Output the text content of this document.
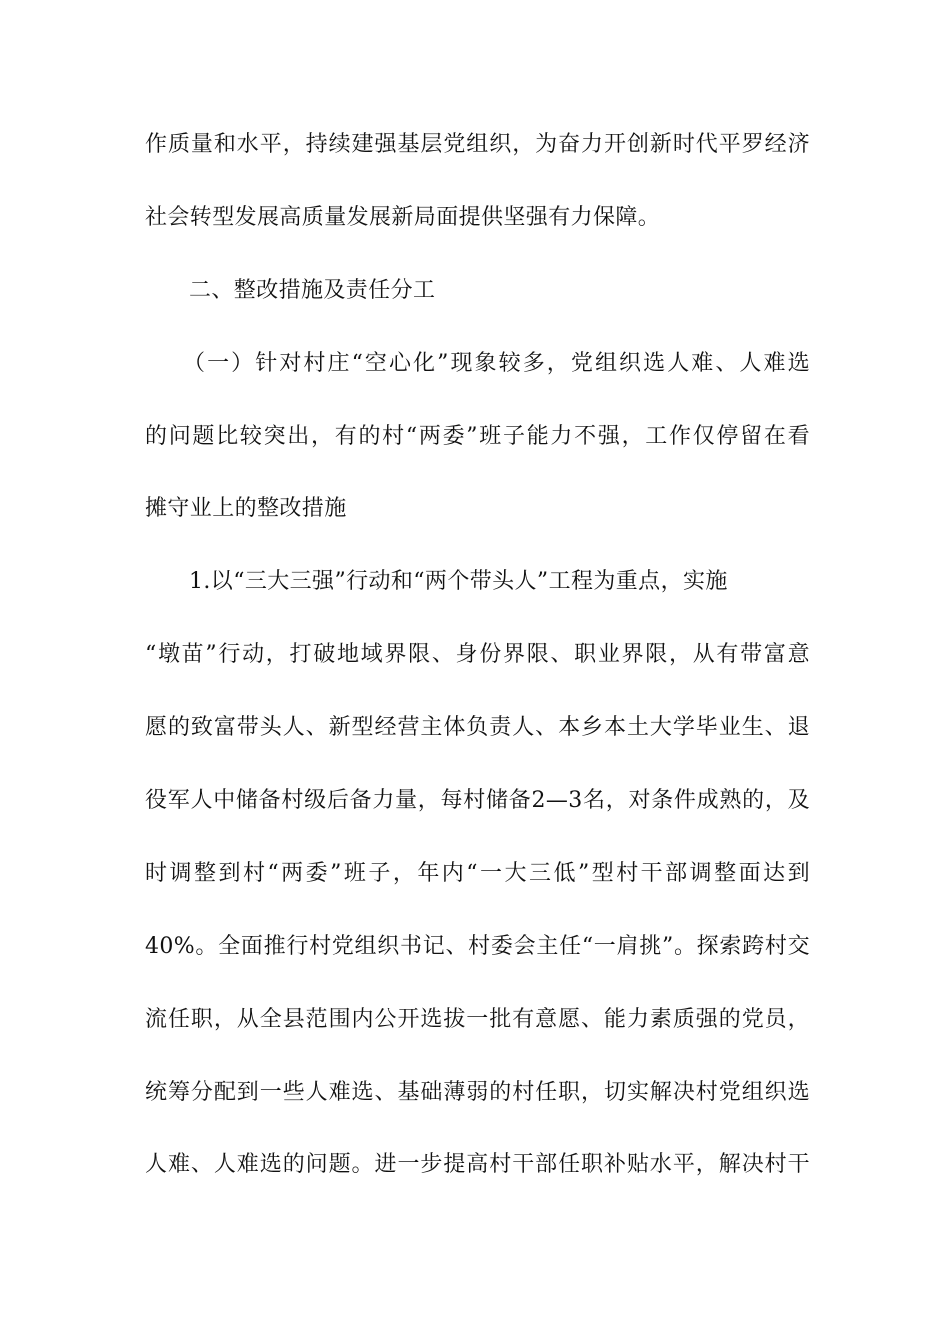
作质量和水平，持续建强基层党组织，为奋力开创新时代平罗经济
社会转型发展高质量发展新局面提供坚强有力保障。
二、整改措施及责任分工
（一）针对村庄“空心化”现象较多，党组织选人难、人难选
的问题比较突出，有的村“两委”班子能力不强，工作仅停留在看
摊守业上的整改措施
1.以“三大三强”行动和“两个带头人”工程为重点，实施
“墩苗”行动，打破地域界限、身份界限、职业界限，从有带富意
愿的致富带头人、新型经营主体负责人、本乡本土大学毕业生、退
役军人中储备村级后备力量，每村储备2—3名，对条件成熟的，及
时调整到村“两委”班子，年内“一大三低”型村干部调整面达到
40%。全面推行村党组织书记、村委会主任“一肩挑”。探索跨村交
流任职，从全县范围内公开选拔一批有意愿、能力素质强的党员，
统筹分配到一些人难选、基础薄弱的村任职，切实解决村党组织选
人难、人难选的问题。进一步提高村干部任职补贴水平，解决村干
